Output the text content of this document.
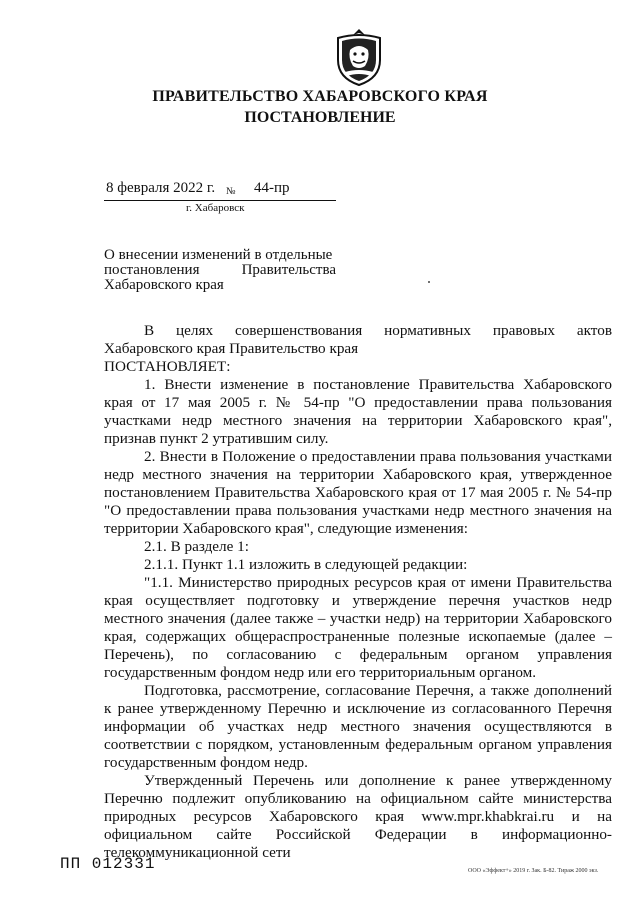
ПРАВИТЕЛЬСТВО ХАБАРОВСКОГО КРАЯ
ПОСТАНОВЛЕНИЕ
8 февраля 2022 г. № 44-пр
г. Хабаровск
О внесении изменений в отдельные
постановления	Правительства
Хабаровского края

В целях совершенствования нормативных правовых актов Хабаровского края Правительство края

ПОСТАНОВЛЯЕТ:

1. Внести изменение в постановление Правительства Хабаровского края от 17 мая 2005 г. № 54-пр "О предоставлении права пользования участками недр местного значения на территории Хабаровского края", признав пункт 2 утратившим силу.

2. Внести в Положение о предоставлении права пользования участками недр местного значения на территории Хабаровского края, утвержденное постановлением Правительства Хабаровского края от 17 мая 2005 г. № 54-пр "О предоставлении права пользования участками недр местного значения на территории Хабаровского края", следующие изменения:

2.1. В разделе 1:

2.1.1. Пункт 1.1 изложить в следующей редакции:

"1.1. Министерство природных ресурсов края от имени Правительства края осуществляет подготовку и утверждение перечня участков недр местного значения (далее также – участки недр) на территории Хабаровского края, содержащих общераспространенные полезные ископаемые (далее – Перечень), по согласованию с федеральным органом управления государственным фондом недр или его территориальным органом.

Подготовка, рассмотрение, согласование Перечня, а также дополнений к ранее утвержденному Перечню и исключение из согласованного Перечня информации об участках недр местного значения осуществляются в соответствии с порядком, установленным федеральным органом управления государственным фондом недр.

Утвержденный Перечень или дополнение к ранее утвержденному Перечню подлежит опубликованию на официальном сайте министерства природных ресурсов Хабаровского края www.mpr.khabkrai.ru и на официальном сайте Российской Федерации в информационно-телекоммуникационной сети

ПП 012331	ООО «Эффект+» 2019 г. Зак. Б-82. Тираж 2000 экз.
